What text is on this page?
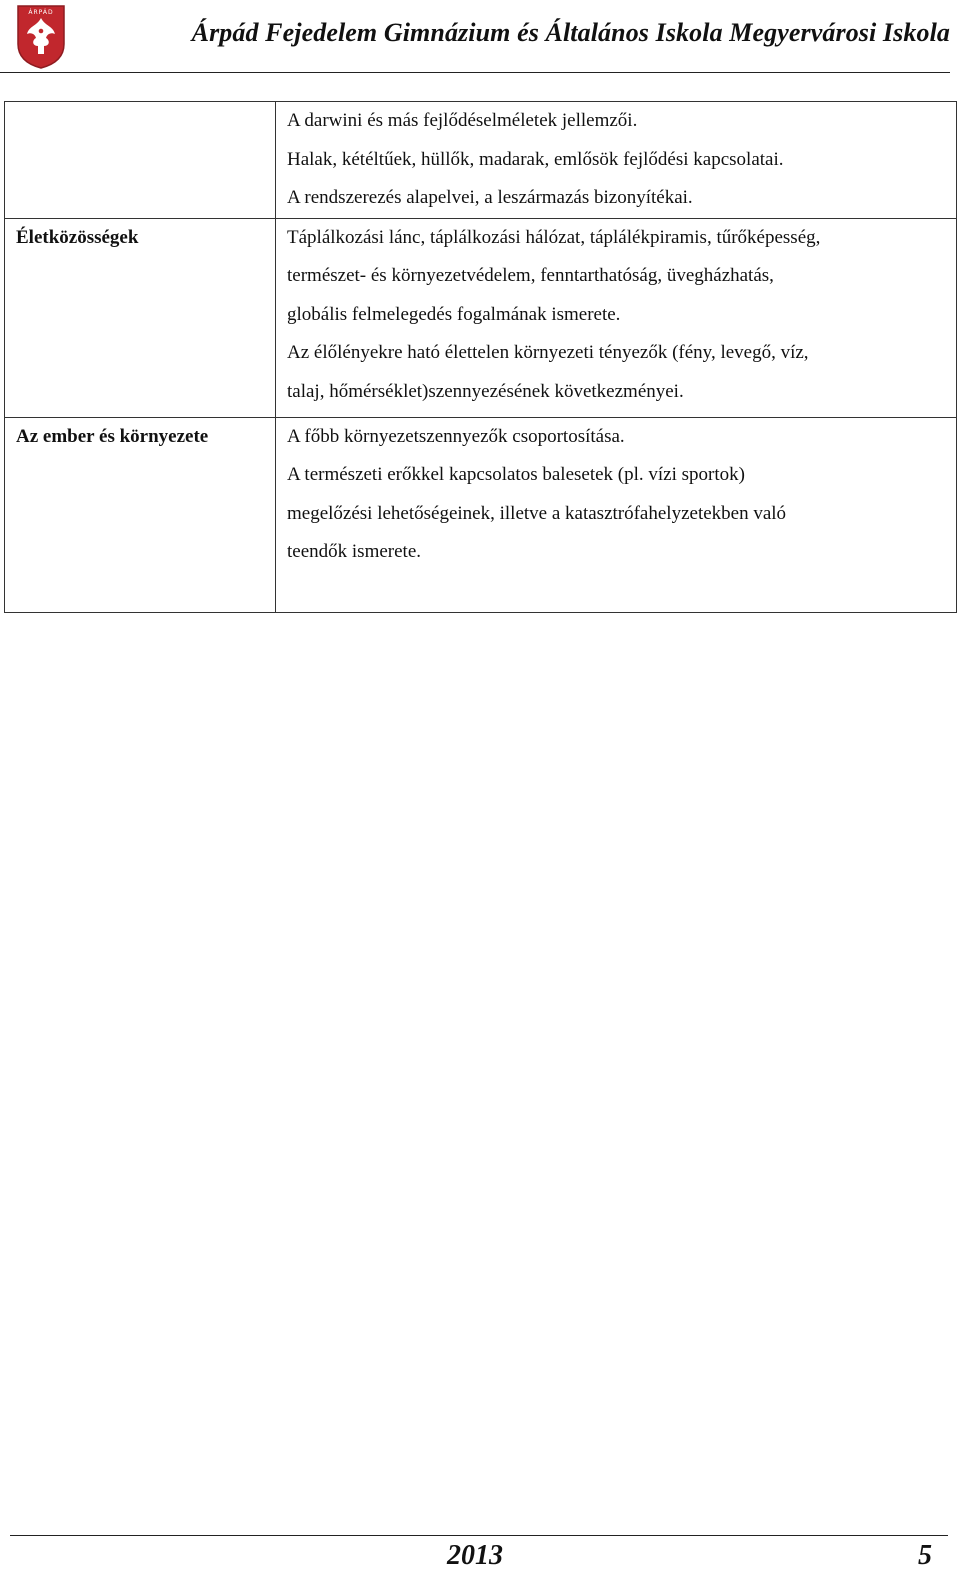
ÁRPÁD
Árpád Fejedelem Gimnázium és Általános Iskola Megyervárosi Iskola

	A darwini és más fejlődéselméletek jellemzői.
Halak, kétéltűek, hüllők, madarak, emlősök fejlődési kapcsolatai.
A rendszerezés alapelvei, a leszármazás bizonyítékai.

Életközösségek	Táplálkozási lánc, táplálkozási hálózat, táplálékpiramis, tűrőképesség,
természet- és környezetvédelem, fenntarthatóság, üvegházhatás,
globális felmelegedés fogalmának ismerete.
Az élőlényekre ható élettelen környezeti tényezők (fény, levegő, víz,
talaj, hőmérséklet)szennyezésének következményei.

Az ember és környezete	A főbb környezetszennyezők csoportosítása.
A természeti erőkkel kapcsolatos balesetek (pl. vízi sportok)
megelőzési lehetőségeinek, illetve a katasztrófahelyzetekben való
teendők ismerete.
2013	5
